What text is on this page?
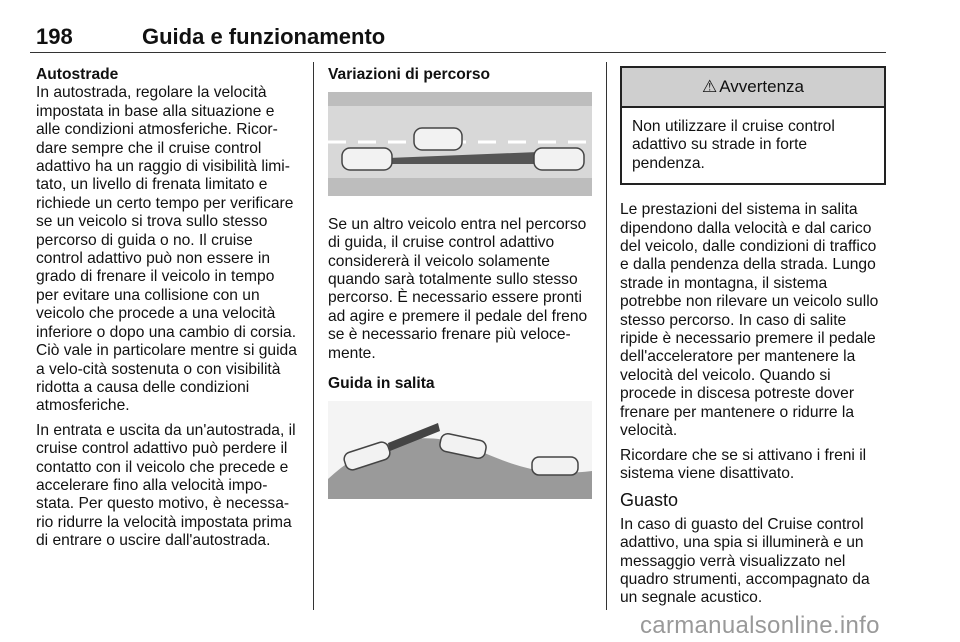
198	Guida e funzionamento
Autostrade

In autostrada, regolare la velocità impostata in base alla situazione e alle condizioni atmosferiche. Ricor-dare sempre che il cruise control adattivo ha un raggio di visibilità limi-tato, un livello di frenata limitato e richiede un certo tempo per verificare se un veicolo si trova sullo stesso percorso di guida o no. Il cruise control adattivo può non essere in grado di frenare il veicolo in tempo per evitare una collisione con un veicolo che procede a una velocità inferiore o dopo una cambio di corsia. Ciò vale in particolare mentre si guida a velo-cità sostenuta o con visibilità ridotta a causa delle condizioni atmosferiche.

In entrata e uscita da un'autostrada, il cruise control adattivo può perdere il contatto con il veicolo che precede e accelerare fino alla velocità impo-stata. Per questo motivo, è necessa-rio ridurre la velocità impostata prima di entrare o uscire dall'autostrada.

Variazioni di percorso

Se un altro veicolo entra nel percorso di guida, il cruise control adattivo considererà il veicolo solamente quando sarà totalmente sullo stesso percorso. È necessario essere pronti ad agire e premere il pedale del freno se è necessario frenare più veloce-mente.

Guida in salita
⚠ Avvertenza
Non utilizzare il cruise control adattivo su strade in forte pendenza.

Le prestazioni del sistema in salita dipendono dalla velocità e dal carico del veicolo, dalle condizioni di traffico e dalla pendenza della strada. Lungo strade in montagna, il sistema potrebbe non rilevare un veicolo sullo stesso percorso. In caso di salite ripide è necessario premere il pedale dell'acceleratore per mantenere la velocità del veicolo. Quando si procede in discesa potreste dover frenare per mantenere o ridurre la velocità.

Ricordare che se si attivano i freni il sistema viene disattivato.

Guasto

In caso di guasto del Cruise control adattivo, una spia si illuminerà e un messaggio verrà visualizzato nel quadro strumenti, accompagnato da un segnale acustico.

carmanualsonline.info
